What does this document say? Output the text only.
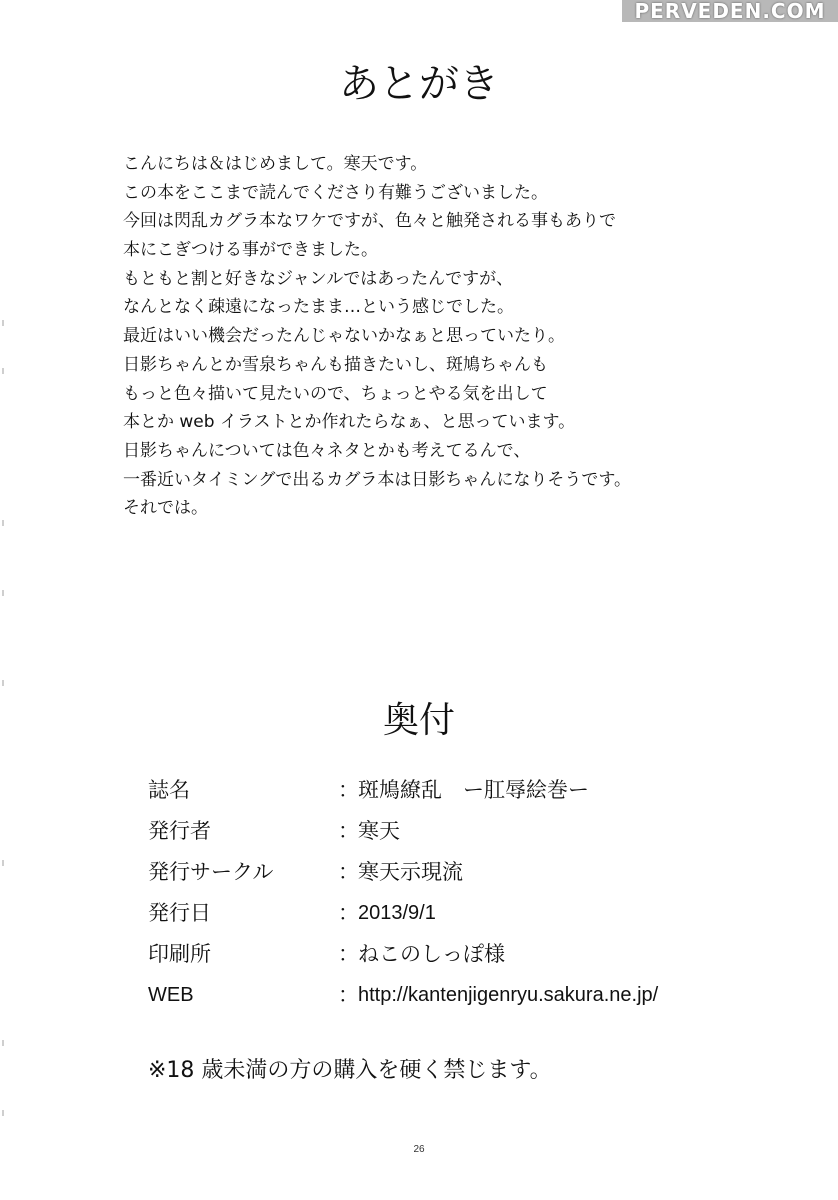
PERVEDEN.COM
あとがき
こんにちは＆はじめまして。寒天です。
この本をここまで読んでくださり有難うございました。
今回は閃乱カグラ本なワケですが、色々と触発される事もありで
本にこぎつける事ができました。
もともと割と好きなジャンルではあったんですが、
なんとなく疎遠になったまま…という感じでした。
最近はいい機会だったんじゃないかなぁと思っていたり。
日影ちゃんとか雪泉ちゃんも描きたいし、斑鳩ちゃんも
もっと色々描いて見たいので、ちょっとやる気を出して
本とか web イラストとか作れたらなぁ、と思っています。
日影ちゃんについては色々ネタとかも考えてるんで、
一番近いタイミングで出るカグラ本は日影ちゃんになりそうです。
それでは。
奥付
誌名	： 斑鳩繚乱　ー肛辱絵巻ー
発行者	： 寒天
発行サークル	： 寒天示現流
発行日	： 2013/9/1
印刷所	： ねこのしっぽ様
WEB	： http://kantenjigenryu.sakura.ne.jp/
※18 歳未満の方の購入を硬く禁じます。
26
